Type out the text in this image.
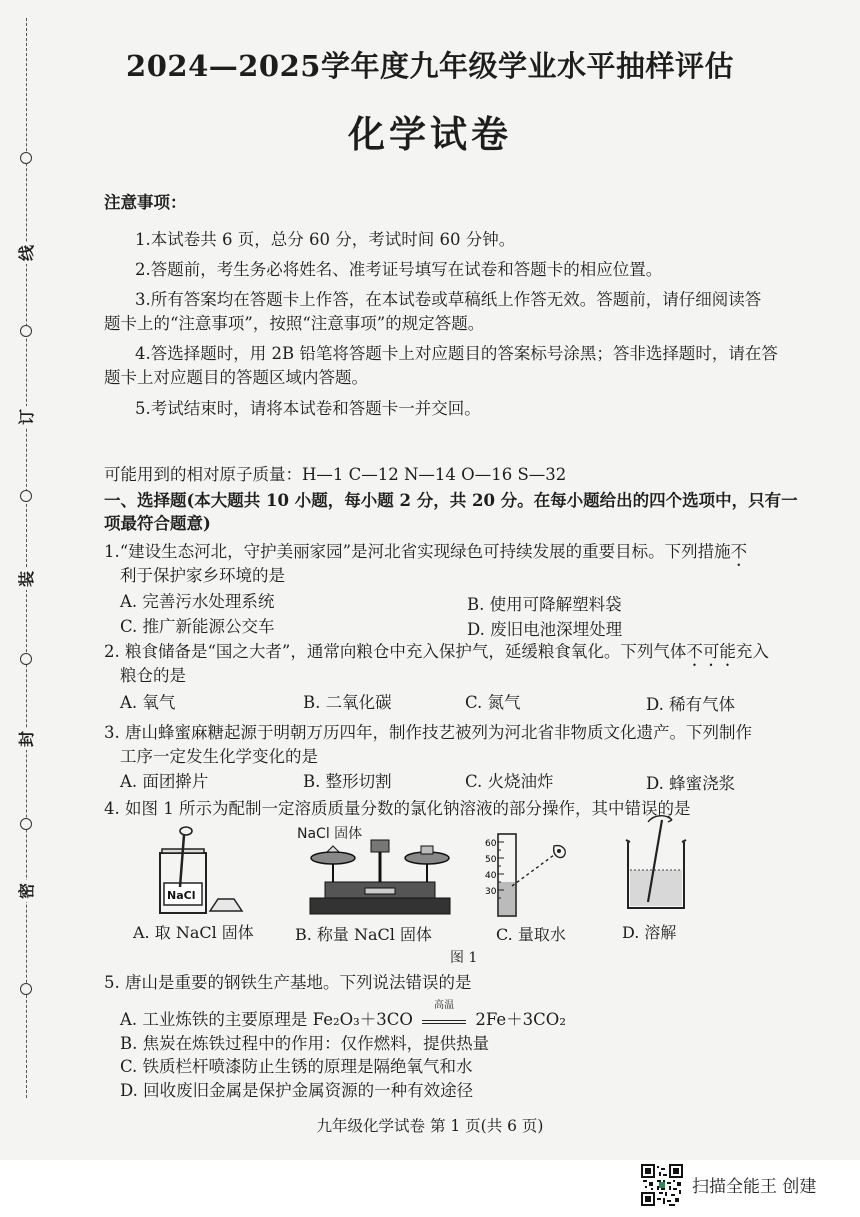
线
订
装
封
密
2024—2025学年度九年级学业水平抽样评估
化学试卷
注意事项：
1.本试卷共 6 页，总分 60 分，考试时间 60 分钟。
2.答题前，考生务必将姓名、准考证号填写在试卷和答题卡的相应位置。
3.所有答案均在答题卡上作答，在本试卷或草稿纸上作答无效。答题前，请仔细阅读答
题卡上的“注意事项”，按照“注意事项”的规定答题。
4.答选择题时，用 2B 铅笔将答题卡上对应题目的答案标号涂黑；答非选择题时，请在答
题卡上对应题目的答题区域内答题。
5.考试结束时，请将本试卷和答题卡一并交回。
可能用到的相对原子质量：H—1 C—12 N—14 O—16 S—32
一、选择题(本大题共 10 小题，每小题 2 分，共 20 分。在每小题给出的四个选项中，只有一
项最符合题意)
1.“建设生态河北，守护美丽家园”是河北省实现绿色可持续发展的重要目标。下列措施不
利于保护家乡环境的是
A. 完善污水处理系统	B. 使用可降解塑料袋
C. 推广新能源公交车	D. 废旧电池深埋处理
2. 粮食储备是“国之大者”，通常向粮仓中充入保护气，延缓粮食氧化。下列气体不可能充入
粮仓的是
A. 氧气	B. 二氧化碳	C. 氮气	D. 稀有气体
3. 唐山蜂蜜麻糖起源于明朝万历四年，制作技艺被列为河北省非物质文化遗产。下列制作
工序一定发生化学变化的是
A. 面团擀片	B. 整形切割	C. 火烧油炸	D. 蜂蜜浇浆
4. 如图 1 所示为配制一定溶质质量分数的氯化钠溶液的部分操作，其中错误的是
NaCl
NaCl 固体
60
50
40
30
A. 取 NaCl 固体	B. 称量 NaCl 固体	C. 量取水	D. 溶解
图 1
5. 唐山是重要的钢铁生产基地。下列说法错误的是
A. 工业炼铁的主要原理是 Fe₂O₃＋3CO
高温
2Fe＋3CO₂
B. 焦炭在炼铁过程中的作用：仅作燃料，提供热量
C. 铁质栏杆喷漆防止生锈的原理是隔绝氧气和水
D. 回收废旧金属是保护金属资源的一种有效途径
九年级化学试卷 第 1 页(共 6 页)
扫描全能王 创建
